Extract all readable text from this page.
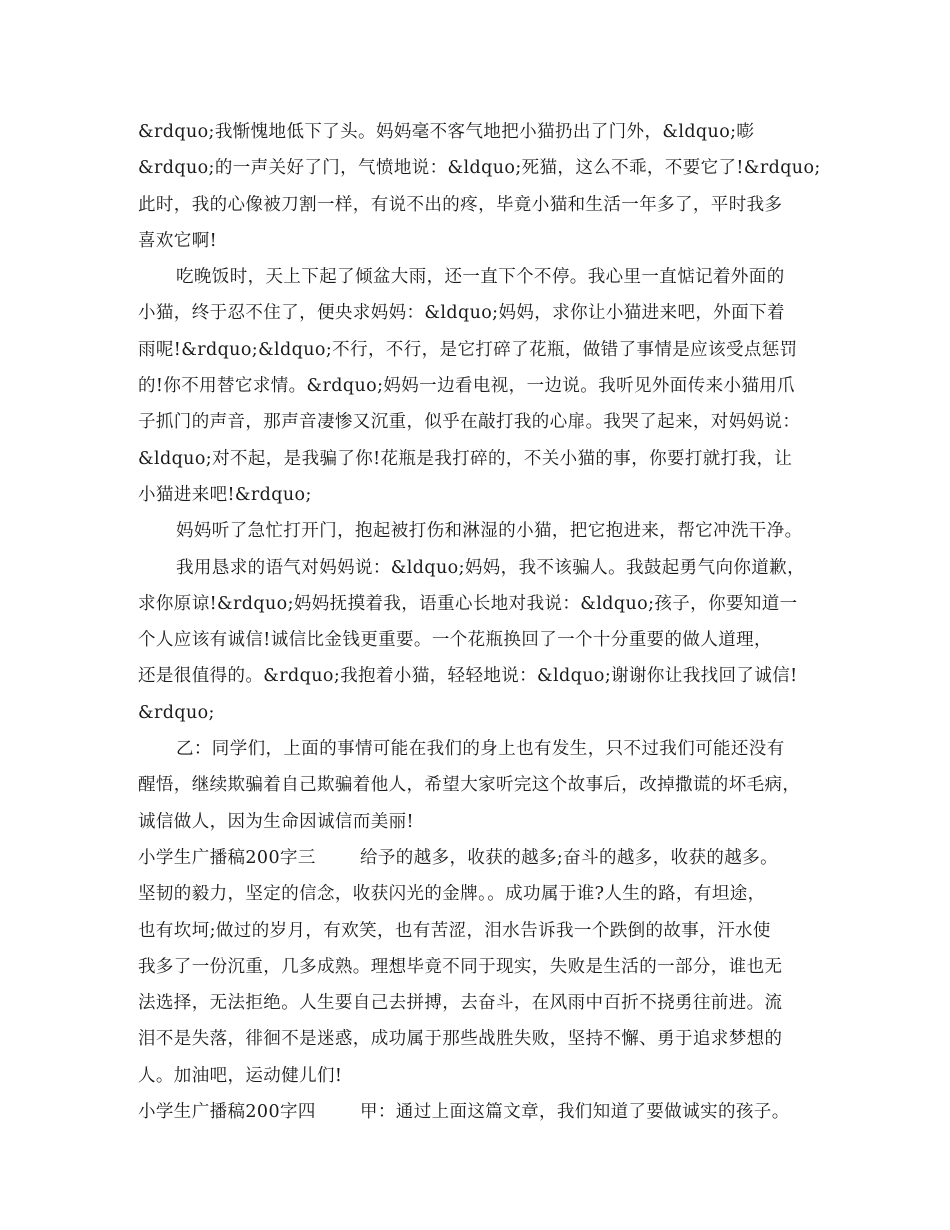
&rdquo;我惭愧地低下了头。妈妈毫不客气地把小猫扔出了门外，&ldquo;嘭
&rdquo;的一声关好了门，气愤地说：&ldquo;死猫，这么不乖，不要它了!&rdquo;
此时，我的心像被刀割一样，有说不出的疼，毕竟小猫和生活一年多了，平时我多
喜欢它啊!
吃晚饭时，天上下起了倾盆大雨，还一直下个不停。我心里一直惦记着外面的
小猫，终于忍不住了，便央求妈妈：&ldquo;妈妈，求你让小猫进来吧，外面下着
雨呢!&rdquo;&ldquo;不行，不行，是它打碎了花瓶，做错了事情是应该受点惩罚
的!你不用替它求情。&rdquo;妈妈一边看电视，一边说。我听见外面传来小猫用爪
子抓门的声音，那声音凄惨又沉重，似乎在敲打我的心扉。我哭了起来，对妈妈说：
&ldquo;对不起，是我骗了你!花瓶是我打碎的，不关小猫的事，你要打就打我，让
小猫进来吧!&rdquo;
妈妈听了急忙打开门，抱起被打伤和淋湿的小猫，把它抱进来，帮它冲洗干净。
我用恳求的语气对妈妈说：&ldquo;妈妈，我不该骗人。我鼓起勇气向你道歉，
求你原谅!&rdquo;妈妈抚摸着我，语重心长地对我说：&ldquo;孩子，你要知道一
个人应该有诚信!诚信比金钱更重要。一个花瓶换回了一个十分重要的做人道理，
还是很值得的。&rdquo;我抱着小猫，轻轻地说：&ldquo;谢谢你让我找回了诚信!
&rdquo;
乙：同学们，上面的事情可能在我们的身上也有发生，只不过我们可能还没有
醒悟，继续欺骗着自己欺骗着他人，希望大家听完这个故事后，改掉撒谎的坏毛病，
诚信做人，因为生命因诚信而美丽!
小学生广播稿200字三	给予的越多，收获的越多;奋斗的越多，收获的越多。
坚韧的毅力，坚定的信念，收获闪光的金牌。。成功属于谁?人生的路，有坦途，
也有坎坷;做过的岁月，有欢笑，也有苦涩，泪水告诉我一个跌倒的故事，汗水使
我多了一份沉重，几多成熟。理想毕竟不同于现实，失败是生活的一部分，谁也无
法选择，无法拒绝。人生要自己去拼搏，去奋斗，在风雨中百折不挠勇往前进。流
泪不是失落，徘徊不是迷惑，成功属于那些战胜失败，坚持不懈、勇于追求梦想的
人。加油吧，运动健儿们!
小学生广播稿200字四	甲：通过上面这篇文章，我们知道了要做诚实的孩子。
